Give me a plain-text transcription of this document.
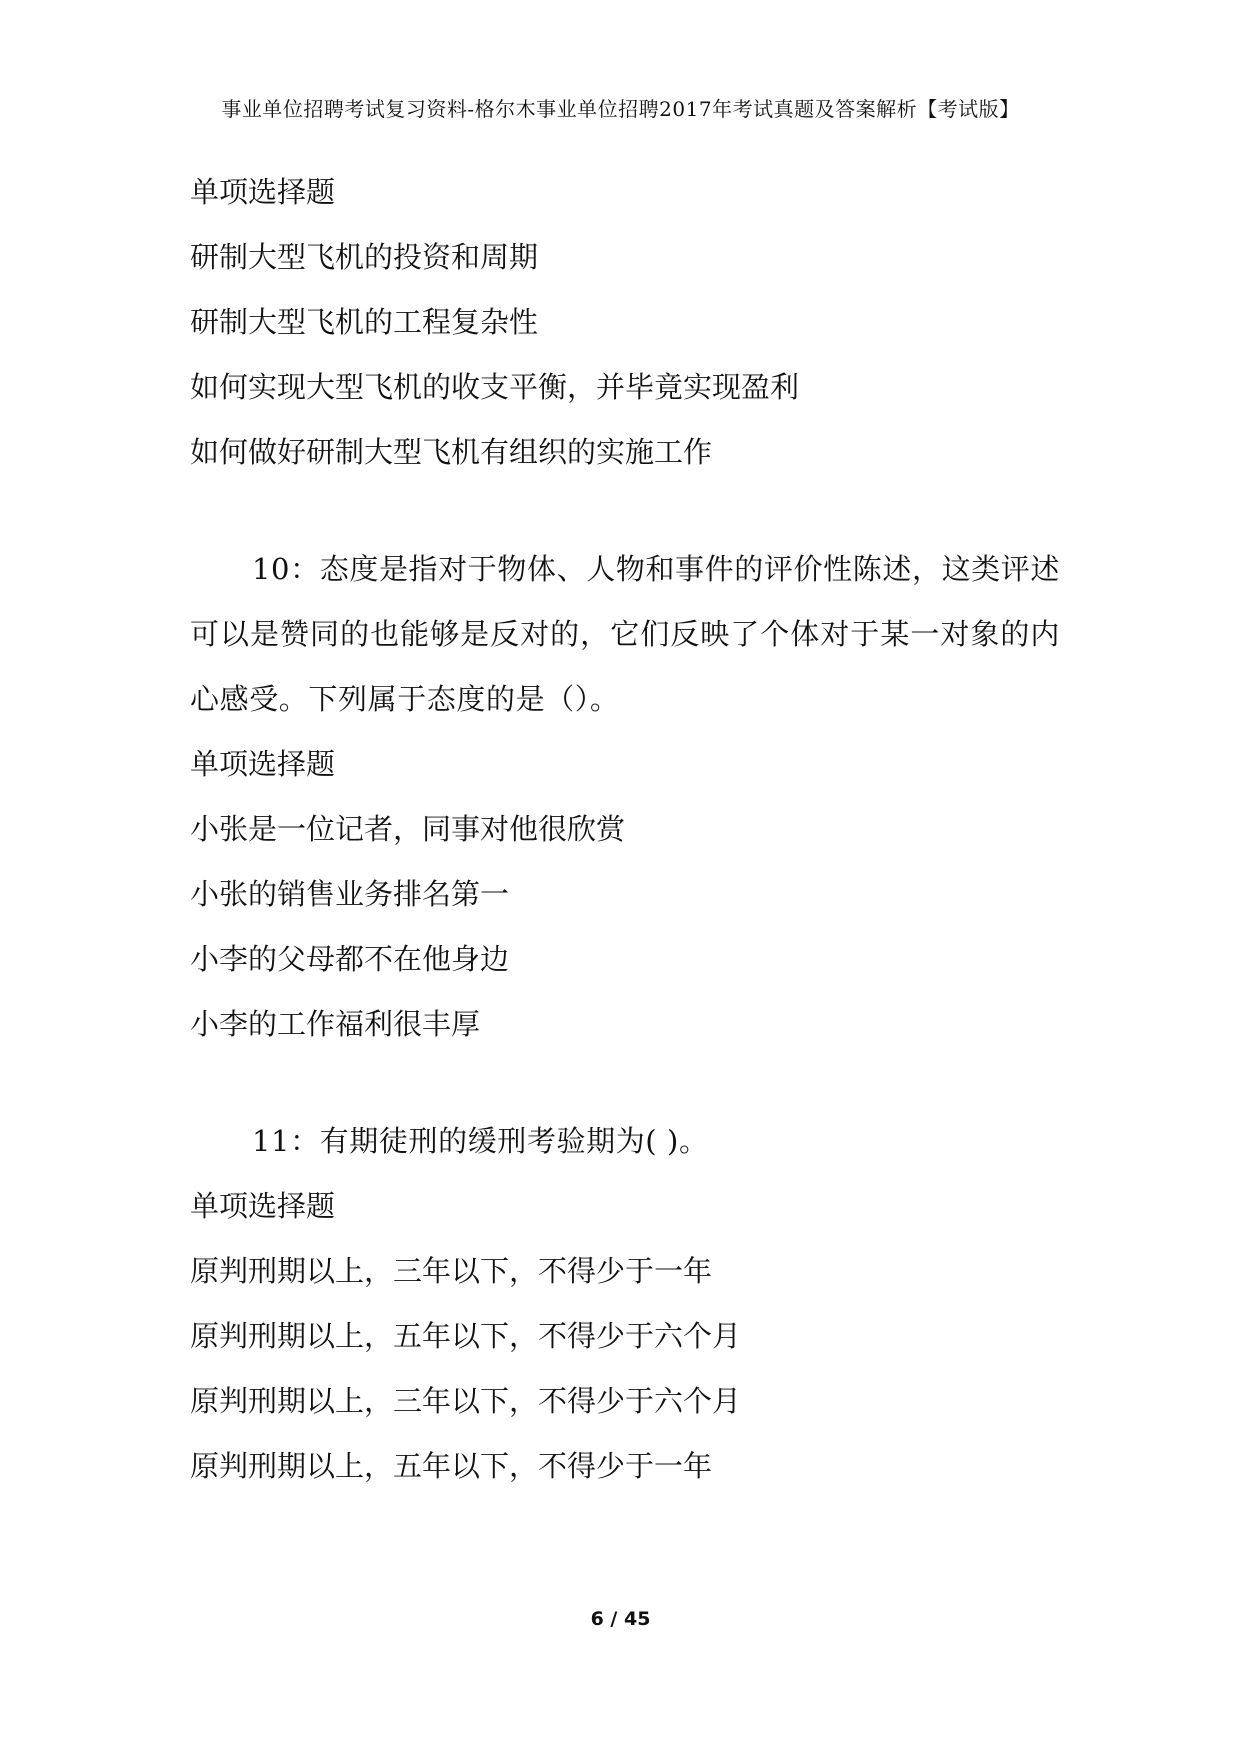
事业单位招聘考试复习资料-格尔木事业单位招聘2017年考试真题及答案解析【考试版】
单项选择题
研制大型飞机的投资和周期
研制大型飞机的工程复杂性
如何实现大型飞机的收支平衡，并毕竟实现盈利
如何做好研制大型飞机有组织的实施工作
10：态度是指对于物体、人物和事件的评价性陈述，这类评述可以是赞同的也能够是反对的，它们反映了个体对于某一对象的内心感受。下列属于态度的是（）。
单项选择题
小张是一位记者，同事对他很欣赏
小张的销售业务排名第一
小李的父母都不在他身边
小李的工作福利很丰厚
11：有期徒刑的缓刑考验期为( )。
单项选择题
原判刑期以上，三年以下，不得少于一年
原判刑期以上，五年以下，不得少于六个月
原判刑期以上，三年以下，不得少于六个月
原判刑期以上，五年以下，不得少于一年
6 / 45
